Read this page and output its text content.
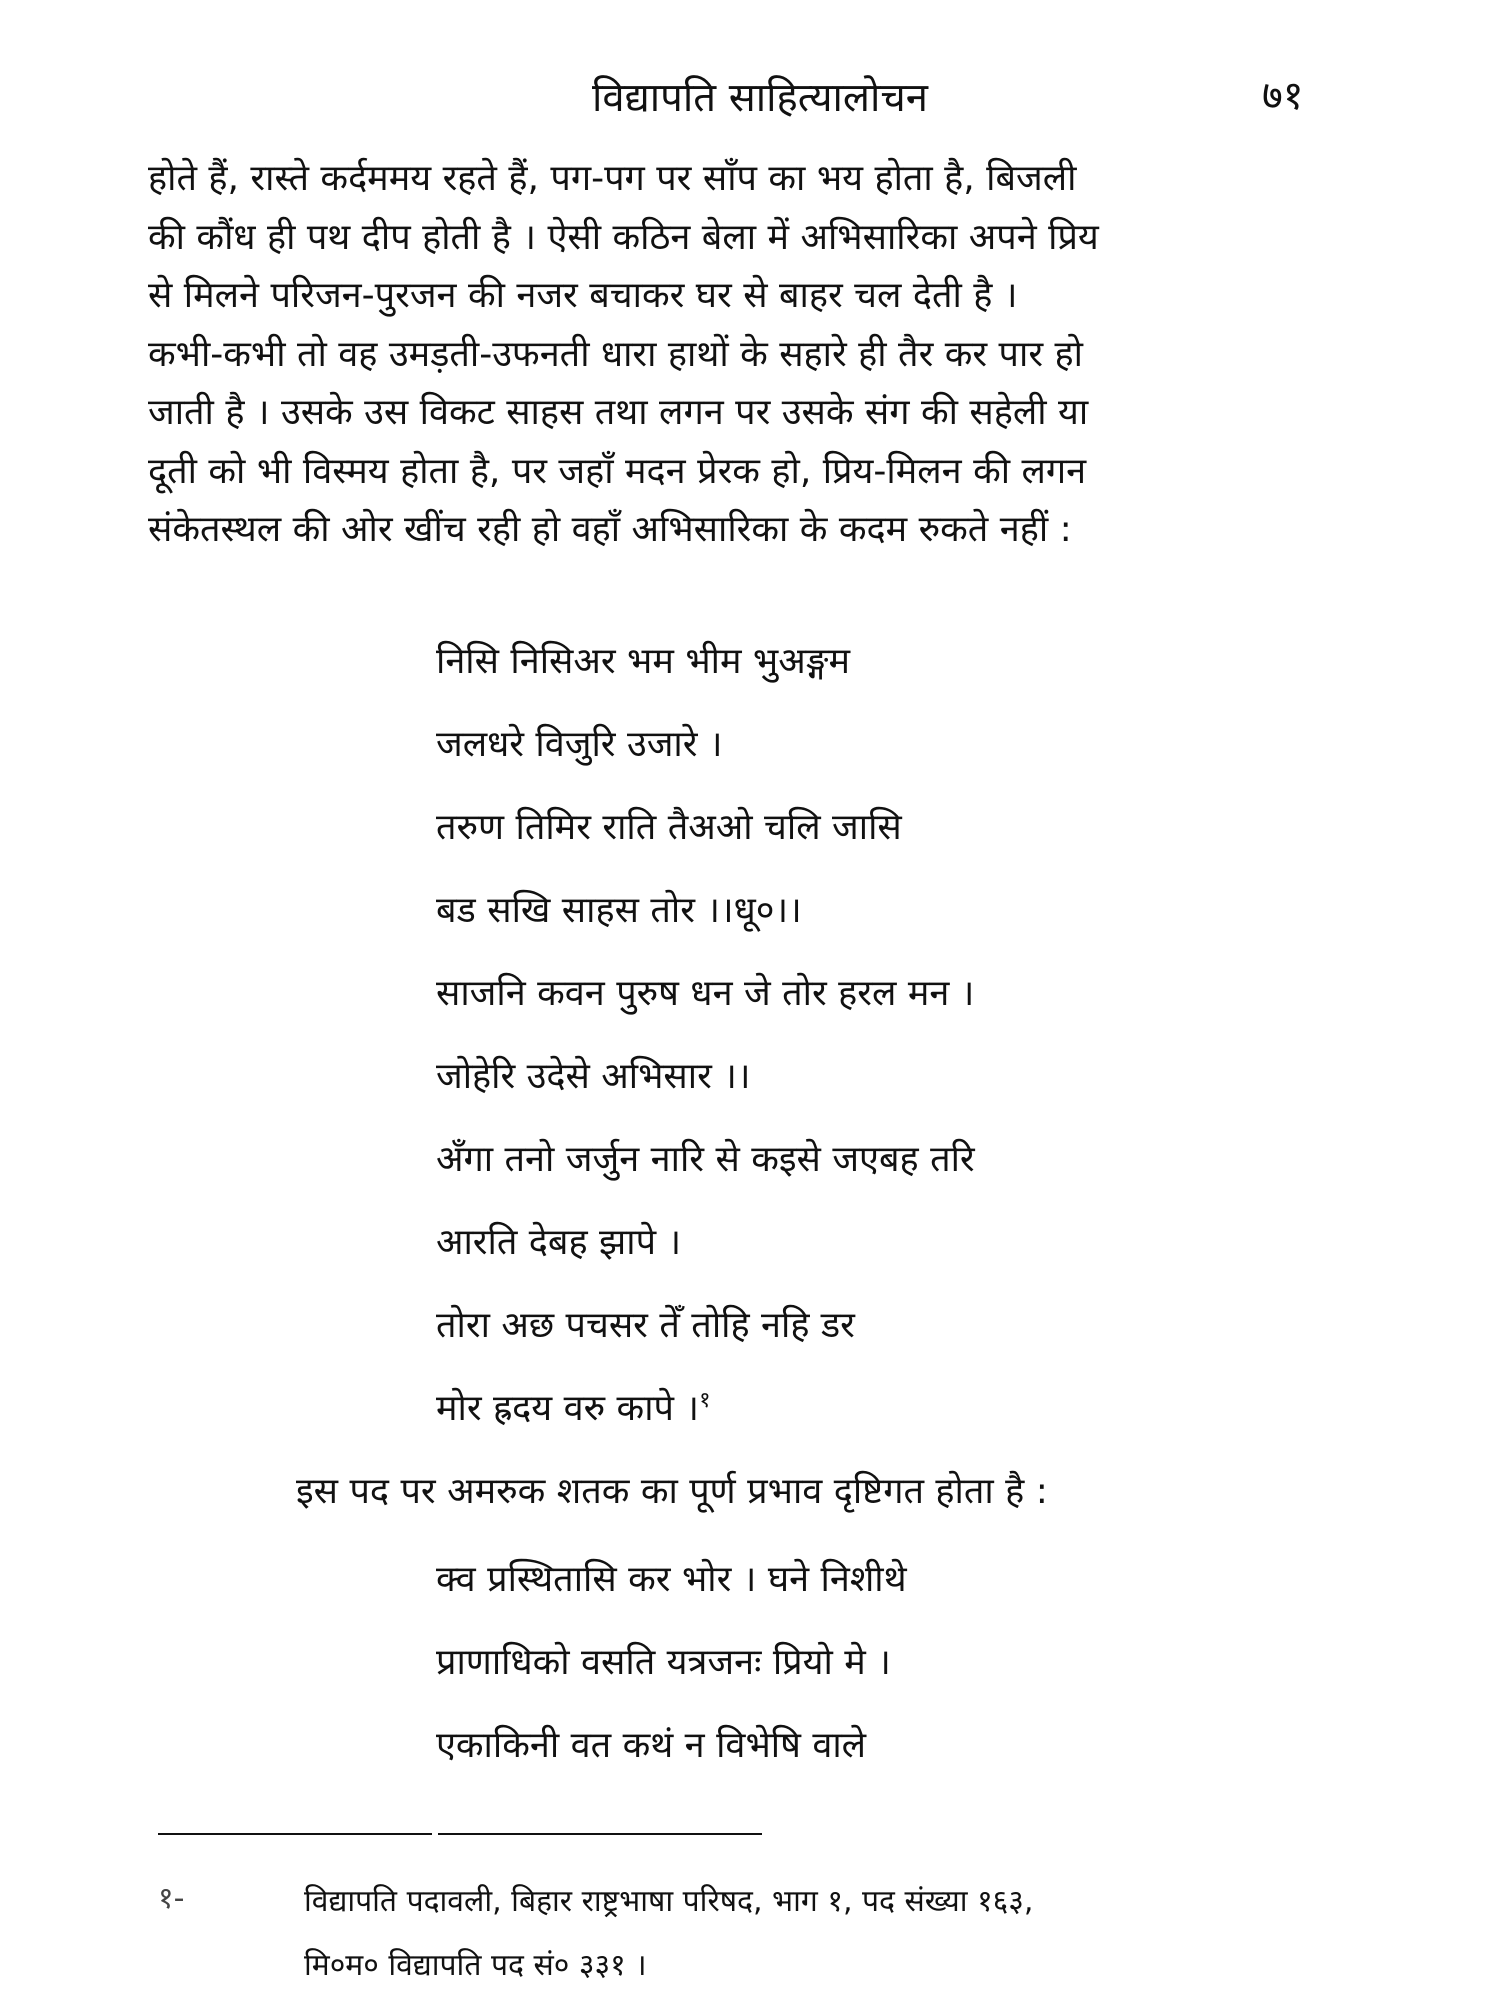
विद्यापति साहित्यालोचन	७१
होते हैं, रास्ते कर्दममय रहते हैं, पग-पग पर साँप का भय होता है, बिजली
की कौंध ही पथ दीप होती है । ऐसी कठिन बेला में अभिसारिका अपने प्रिय
से मिलने परिजन-पुरजन की नजर बचाकर घर से बाहर चल देती है ।
कभी-कभी तो वह उमड़ती-उफनती धारा हाथों के सहारे ही तैर कर पार हो
जाती है । उसके उस विकट साहस तथा लगन पर उसके संग की सहेली या
दूती को भी विस्मय होता है, पर जहाँ मदन प्रेरक हो, प्रिय-मिलन की लगन
संकेतस्थल की ओर खींच रही हो वहाँ अभिसारिका के कदम रुकते नहीं :
निसि निसिअर भम भीम भुअङ्गम
जलधरे विजुरि उजारे ।
तरुण तिमिर राति तैअओ चलि जासि
बड सखि साहस तोर ।।धू०।।
साजनि कवन पुरुष धन जे तोर हरल मन ।
जोहेरि उदेसे अभिसार ।।
अँगा तनो जर्जुन नारि से कइसे जएबह तरि
आरति देबह झापे ।
तोरा अछ पचसर तेँ तोहि नहि डर
मोर ह्रदय वरु कापे ।$^१$
इस पद पर अमरुक शतक का पूर्ण प्रभाव दृष्टिगत होता है :
क्व प्रस्थितासि कर भोर । घने निशीथे
प्राणाधिको वसति यत्रजनः प्रियो मे ।
एकाकिनी वत कथं न विभेषि वाले
१-	विद्यापति पदावली, बिहार राष्ट्रभाषा परिषद, भाग १, पद संख्या १६३,
मि०म० विद्यापति पद सं० ३३१ ।
